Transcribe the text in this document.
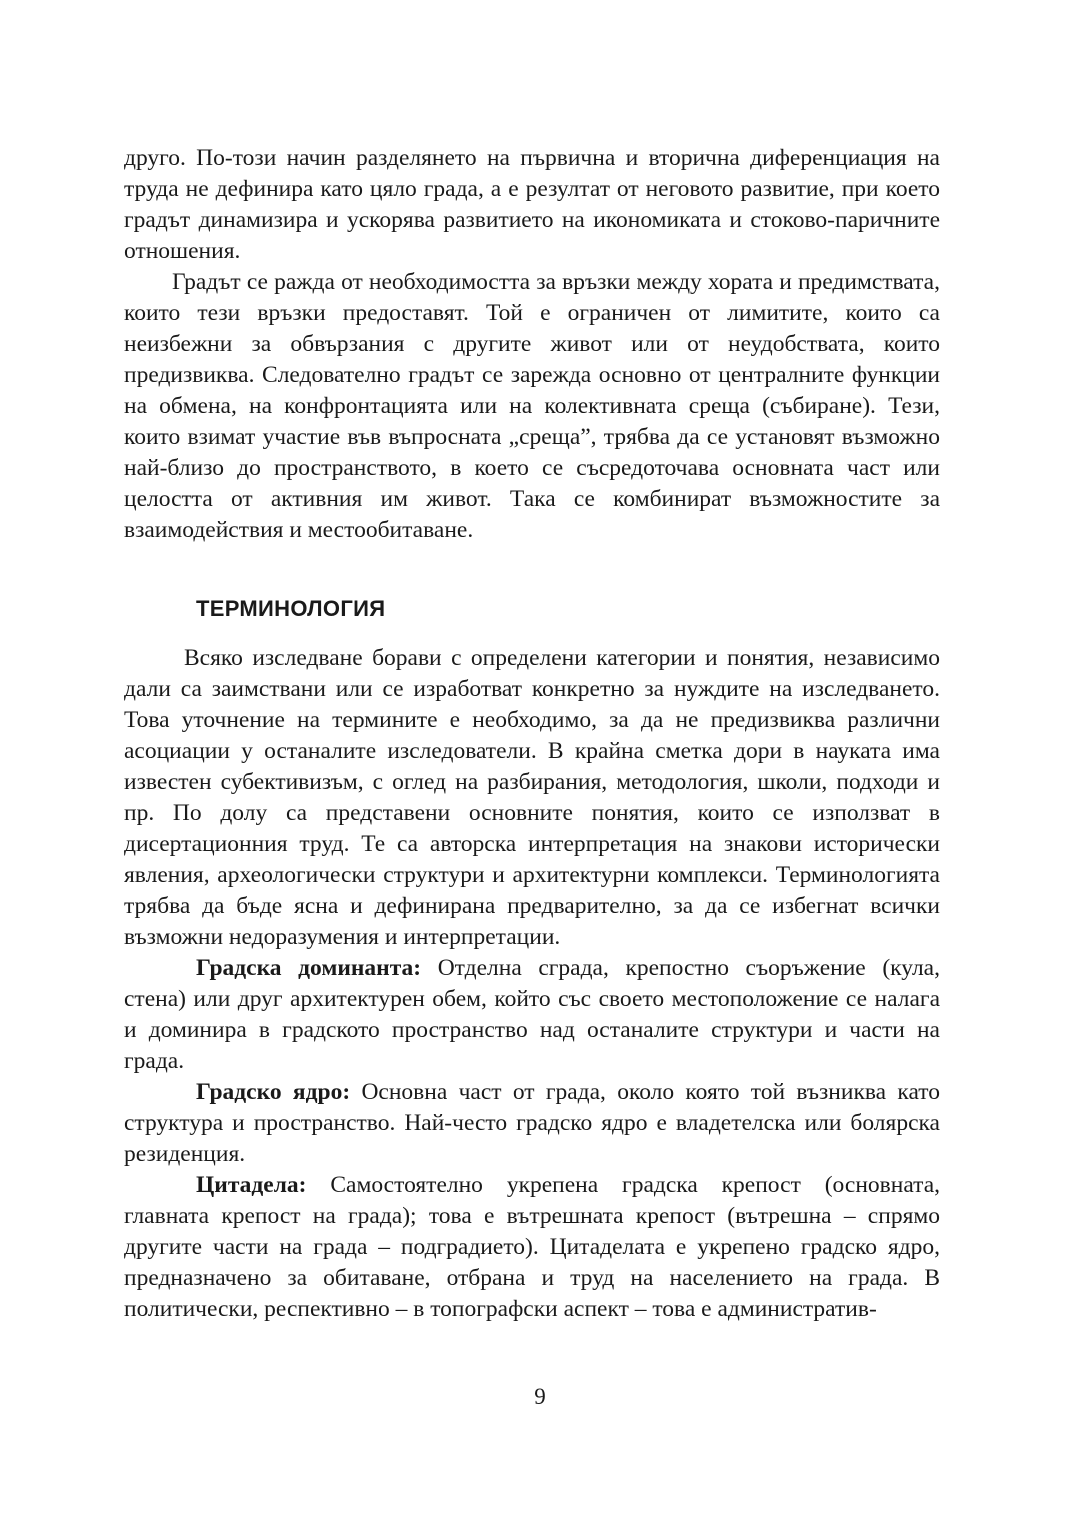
друго. По-този начин разделянето на първична и вторична диференциация на труда не дефинира като цяло града, а е резултат от неговото развитие, при което градът динамизира и ускорява развитието на икономиката и стоково-паричните отношения.

Градът се ражда от необходимостта за връзки между хората и предимствата, които тези връзки предоставят. Той е ограничен от лимитите, които са неизбежни за обвързания с другите живот или от неудобствата, които предизвиква. Следователно градът се зарежда основно от централните функции на обмена, на конфронтацията или на колективната среща (събиране). Тези, които взимат участие във въпросната „среща”, трябва да се установят възможно най-близо до пространството, в което се съсредоточава основната част или целостта от активния им живот. Така се комбинират възможностите за взаимодействия и местообитаване.

ТЕРМИНОЛОГИЯ

Всяко изследване борави с определени категории и понятия, независимо дали са заимствани или се изработват конкретно за нуждите на изследването. Това уточнение на термините е необходимо, за да не предизвиква различни асоциации у останалите изследователи. В крайна сметка дори в науката има известен субективизъм, с оглед на разбирания, методология, школи, подходи и пр. По долу са представени основните понятия, които се използват в дисертационния труд. Те са авторска интерпретация на знакови исторически явления, археологически структури и архитектурни комплекси. Терминологията трябва да бъде ясна и дефинирана предварително, за да се избегнат всички възможни недоразумения и интерпретации.

Градска доминанта: Отделна сграда, крепостно съоръжение (кула, стена) или друг архитектурен обем, който със своето местоположение се налага и доминира в градското пространство над останалите структури и части на града.

Градско ядро: Основна част от града, около която той възниква като структура и пространство. Най-често градско ядро е владетелска или болярска резиденция.

Цитадела: Самостоятелно укрепена градска крепост (основната, главната крепост на града); това е вътрешната крепост (вътрешна – спрямо другите части на града – подградието). Цитаделата е укрепено градско ядро, предназначено за обитаване, отбрана и труд на населението на града. В политически, респективно – в топографски аспект – това е административ-

9
